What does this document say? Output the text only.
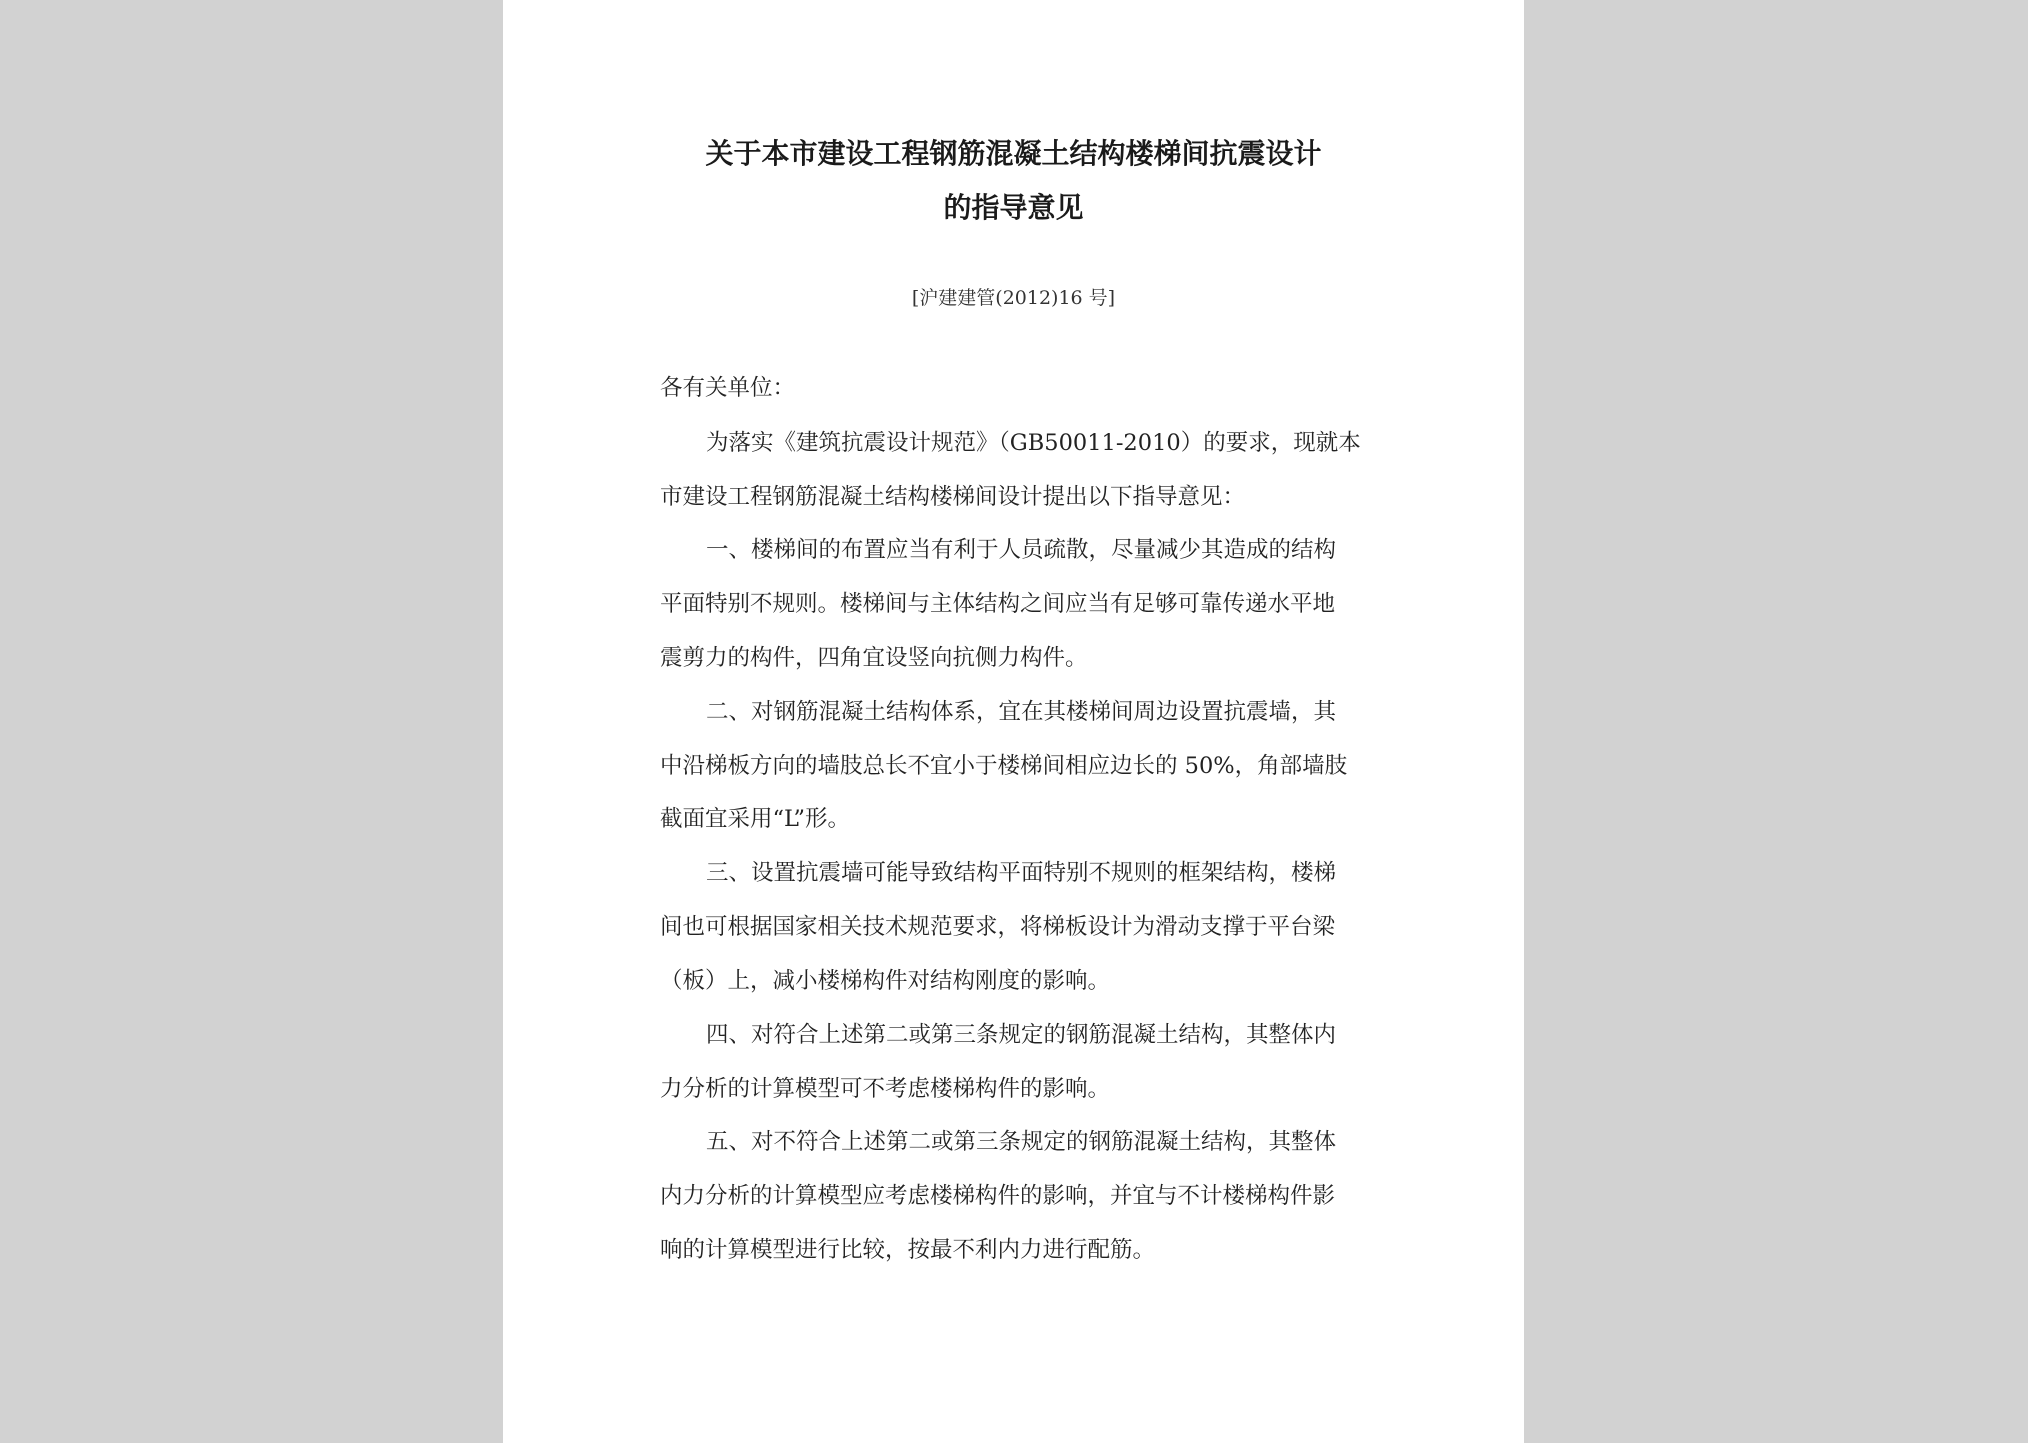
关于本市建设工程钢筋混凝土结构楼梯间抗震设计
的指导意见
[沪建建管(2012)16 号]
各有关单位：
为落实《建筑抗震设计规范》（GB50011-2010）的要求，现就本
市建设工程钢筋混凝土结构楼梯间设计提出以下指导意见：
一、楼梯间的布置应当有利于人员疏散，尽量减少其造成的结构
平面特别不规则。楼梯间与主体结构之间应当有足够可靠传递水平地
震剪力的构件，四角宜设竖向抗侧力构件。
二、对钢筋混凝土结构体系，宜在其楼梯间周边设置抗震墙，其
中沿梯板方向的墙肢总长不宜小于楼梯间相应边长的 50%，角部墙肢
截面宜采用“L”形。
三、设置抗震墙可能导致结构平面特别不规则的框架结构，楼梯
间也可根据国家相关技术规范要求，将梯板设计为滑动支撑于平台梁
（板）上，减小楼梯构件对结构刚度的影响。
四、对符合上述第二或第三条规定的钢筋混凝土结构，其整体内
力分析的计算模型可不考虑楼梯构件的影响。
五、对不符合上述第二或第三条规定的钢筋混凝土结构，其整体
内力分析的计算模型应考虑楼梯构件的影响，并宜与不计楼梯构件影
响的计算模型进行比较，按最不利内力进行配筋。
